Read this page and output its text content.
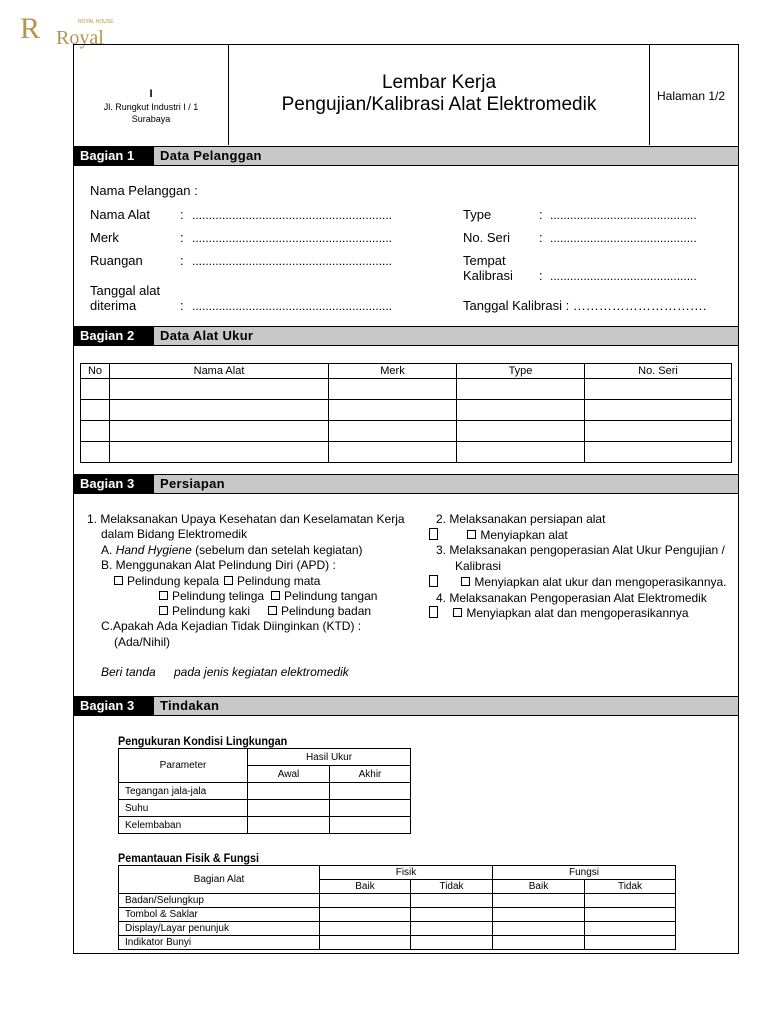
R	ROYAL HOUSE
Royal
I
Jl. Rungkut Industri I / 1
Surabaya
Lembar Kerja
Pengujian/Kalibrasi Alat Elektromedik	Halaman 1/2
Bagian 1	Data Pelanggan
Nama Pelanggan :
Nama Alat : ............................................................
Merk	: ............................................................
Ruangan	: ............................................................
Tanggal alat
diterima	: ............................................................
Type	: ............................................
No. Seri : ............................................
Tempat
Kalibrasi : ............................................
Tanggal Kalibrasi : ………………………….
Bagian 2	Data Alat Ukur
No	Nama Alat	Merk	Type	No. Seri

Bagian 3	Persiapan
1. Melaksanakan Upaya Kesehatan dan Keselamatan Kerja
dalam Bidang Elektromedik
A. Hand Hygiene (sebelum dan setelah kegiatan)
B. Menggunakan Alat Pelindung Diri (APD) :
Pelindung kepala	Pelindung mata
Pelindung telinga	Pelindung tangan
Pelindung kaki	Pelindung badan
C.Apakah Ada Kejadian Tidak Diinginkan (KTD) :
(Ada/Nihil)
Beri tanda pada jenis kegiatan elektromedik
2. Melaksanakan persiapan alat
Menyiapkan alat
3. Melaksanakan pengoperasian Alat Ukur Pengujian /
Kalibrasi
Menyiapkan alat ukur dan mengoperasikannya.
4. Melaksanakan Pengoperasian Alat Elektromedik
Menyiapkan alat dan mengoperasikannya
Bagian 3	Tindakan
Pengukuran Kondisi Lingkungan
Parameter	Hasil Ukur	
	Awal	Akhir
Tegangan jala-jala		
Suhu		
Kelembaban		
Pemantauan Fisik & Fungsi
Bagian Alat	Fisik		Fungsi	
	Baik	Tidak	Baik	Tidak
Badan/Selungkup				
Tombol & Saklar				
Display/Layar penunjuk				
Indikator Bunyi				
